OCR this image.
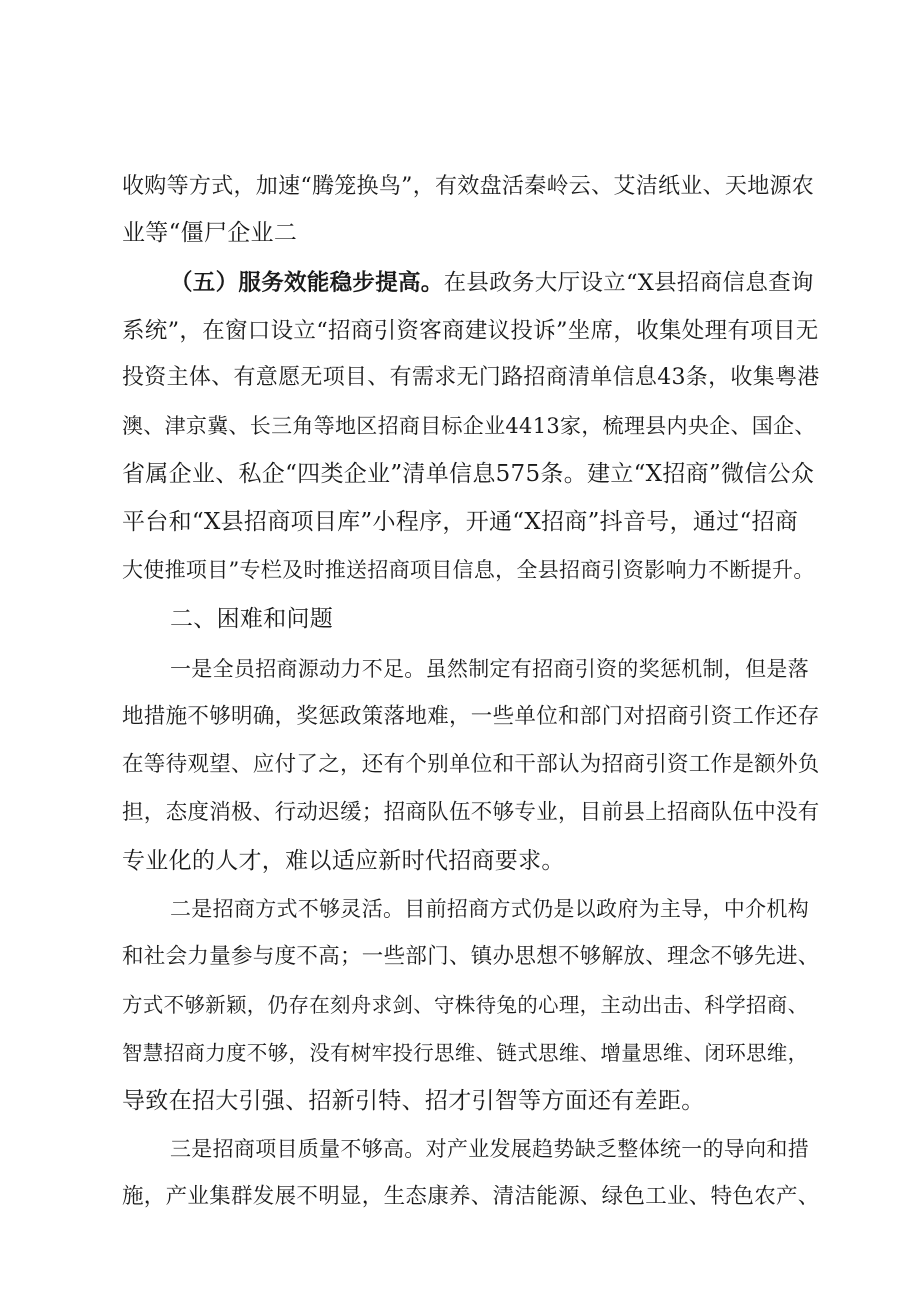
收购等方式，加速“腾笼换鸟”，有效盘活秦岭云、艾洁纸业、天地源农
业等“僵尸企业二
（五）服务效能稳步提高。在县政务大厅设立“X县招商信息查询
系统”，在窗口设立“招商引资客商建议投诉”坐席，收集处理有项目无
投资主体、有意愿无项目、有需求无门路招商清单信息43条，收集粤港
澳、津京冀、长三角等地区招商目标企业4413家，梳理县内央企、国企、
省属企业、私企“四类企业”清单信息575条。建立“X招商”微信公众
平台和“X县招商项目库”小程序，开通“X招商”抖音号，通过“招商
大使推项目”专栏及时推送招商项目信息，全县招商引资影响力不断提升。
二、困难和问题
一是全员招商源动力不足。虽然制定有招商引资的奖惩机制，但是落
地措施不够明确，奖惩政策落地难，一些单位和部门对招商引资工作还存
在等待观望、应付了之，还有个别单位和干部认为招商引资工作是额外负
担，态度消极、行动迟缓；招商队伍不够专业，目前县上招商队伍中没有
专业化的人才，难以适应新时代招商要求。
二是招商方式不够灵活。目前招商方式仍是以政府为主导，中介机构
和社会力量参与度不高；一些部门、镇办思想不够解放、理念不够先进、
方式不够新颖，仍存在刻舟求剑、守株待兔的心理，主动出击、科学招商、
智慧招商力度不够，没有树牢投行思维、链式思维、增量思维、闭环思维，
导致在招大引强、招新引特、招才引智等方面还有差距。
三是招商项目质量不够高。对产业发展趋势缺乏整体统一的导向和措
施，产业集群发展不明显，生态康养、清洁能源、绿色工业、特色农产、
